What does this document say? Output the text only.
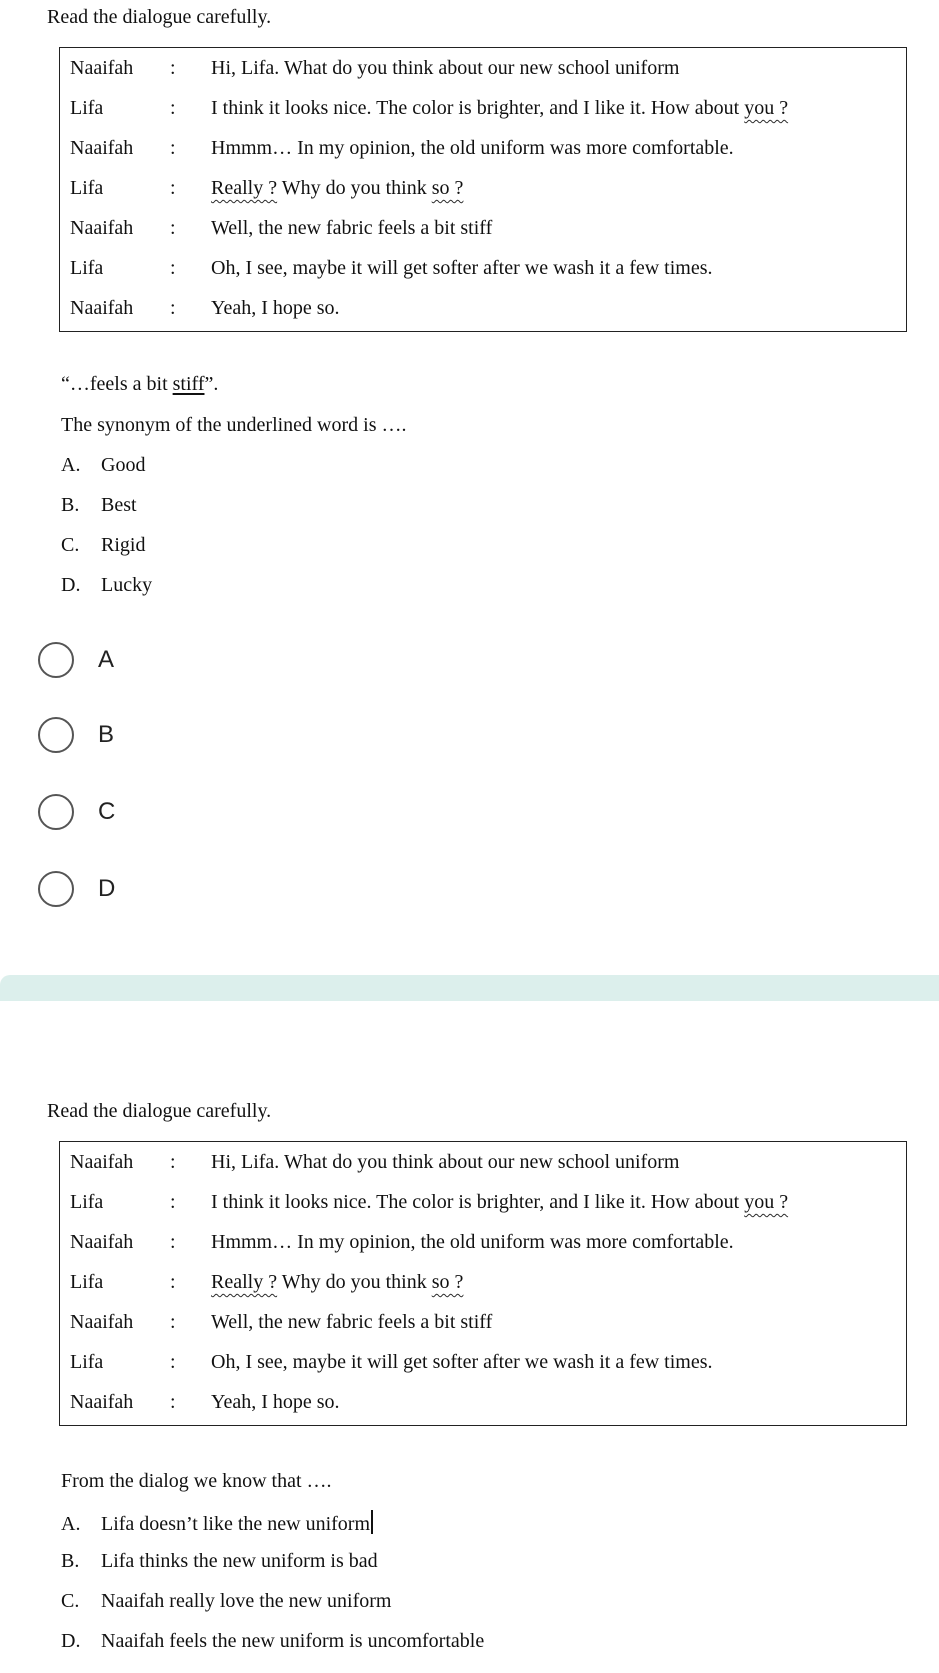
Read the dialogue carefully.
Naaifah : Hi, Lifa. What do you think about our new school uniform
Lifa	: I think it looks nice. The color is brighter, and I like it. How about you ?
Naaifah : Hmmm… In my opinion, the old uniform was more comfortable.
Lifa	: Really ? Why do you think so ?
Naaifah : Well, the new fabric feels a bit stiff
Lifa	: Oh, I see, maybe it will get softer after we wash it a few times.
Naaifah : Yeah, I hope so.
“…feels a bit stiff”.
The synonym of the underlined word is ….
A. Good
B. Best
C. Rigid
D. Lucky
A
B
C
D
Read the dialogue carefully.
Naaifah : Hi, Lifa. What do you think about our new school uniform
Lifa	: I think it looks nice. The color is brighter, and I like it. How about you ?
Naaifah : Hmmm… In my opinion, the old uniform was more comfortable.
Lifa	: Really ? Why do you think so ?
Naaifah : Well, the new fabric feels a bit stiff
Lifa	: Oh, I see, maybe it will get softer after we wash it a few times.
Naaifah : Yeah, I hope so.
From the dialog we know that ….
A. Lifa doesn’t like the new uniform
B. Lifa thinks the new uniform is bad
C. Naaifah really love the new uniform
D. Naaifah feels the new uniform is uncomfortable
